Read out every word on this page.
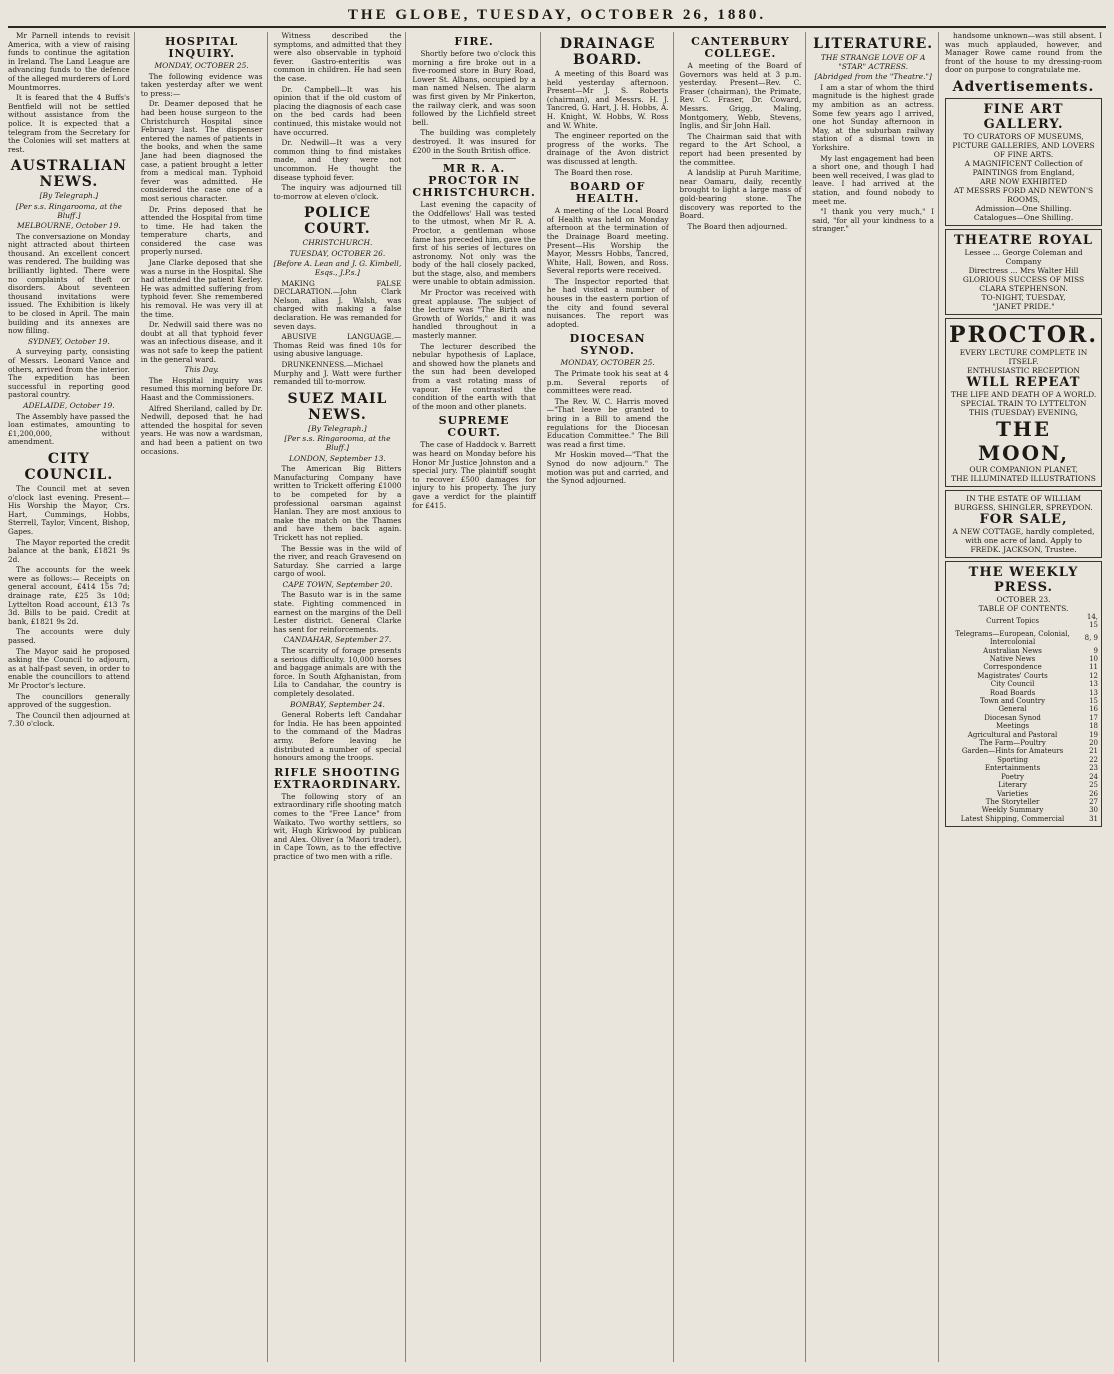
THE GLOBE, TUESDAY, OCTOBER 26, 1880.

Mr Parnell intends to revisit America, with a view of raising funds to continue the agitation in Ireland. The Land League are advancing funds to the defence of the alleged murderers of Lord Mountmorres.

It is feared that the 4 Buffs's Bentfield will not be settled without assistance from the police. It is expected that a telegram from the Secretary for the Colonies will set matters at rest.

AUSTRALIAN NEWS.
[By Telegraph.]
[Per s.s. Ringarooma, at the Bluff.]
MELBOURNE, October 19.

The conversazione on Monday night attracted about thirteen thousand. An excellent concert was rendered. The building was brilliantly lighted. There were no complaints of theft or disorders. About seventeen thousand invitations were issued. The Exhibition is likely to be closed in April. The main building and its annexes are now filling.

SYDNEY, October 19.

A surveying party, consisting of Messrs. Leonard Vance and others, arrived from the interior. The expedition has been successful in reporting good pastoral country.

ADELAIDE, October 19.

The Assembly have passed the loan estimates, amounting to £1,200,000, without amendment.

CITY COUNCIL.

The Council met at seven o'clock last evening. Present—His Worship the Mayor, Crs. Hart, Cummings, Hobbs, Sterrell, Taylor, Vincent, Bishop, Gapes.

The Mayor reported the credit balance at the bank, £1821 9s 2d.

The accounts for the week were as follows:— Receipts on general account, £414 15s 7d; drainage rate, £25 3s 10d; Lyttelton Road account, £13 7s 3d. Bills to be paid. Credit at bank, £1821 9s 2d.

The accounts were duly passed.

The Mayor said he proposed asking the Council to adjourn, as at half-past seven, in order to enable the councillors to attend Mr Proctor's lecture.

The councillors generally approved of the suggestion.

The Council then adjourned at 7.30 o'clock.

HOSPITAL INQUIRY.
MONDAY, OCTOBER 25.

The following evidence was taken yesterday after we went to press:—

Dr. Deamer deposed that he had been house surgeon to the Christchurch Hospital since February last. The dispenser entered the names of patients in the books, and when the same Jane had been diagnosed the case, a patient brought a letter from a medical man. Typhoid fever was admitted. He considered the case one of a most serious character.

Dr. Prins deposed that he attended the Hospital from time to time. He had taken the temperature charts, and considered the case was properly nursed.

Jane Clarke deposed that she was a nurse in the Hospital. She had attended the patient Kerley. He was admitted suffering from typhoid fever. She remembered his removal. He was very ill at the time.

Dr. Nedwill said there was no doubt at all that typhoid fever was an infectious disease, and it was not safe to keep the patient in the general ward.

This Day.

The Hospital inquiry was resumed this morning before Dr. Haast and the Commissioners.

Alfred Sheriland, called by Dr. Nedwill, deposed that he had attended the hospital for seven years. He was now a wardsman, and had been a patient on two occasions.

Witness described the symptoms, and admitted that they were also observable in typhoid fever. Gastro-enteritis was common in children. He had seen the case.

Dr. Campbell—It was his opinion that if the old custom of placing the diagnosis of each case on the bed cards had been continued, this mistake would not have occurred.

Dr. Nedwill—It was a very common thing to find mistakes made, and they were not uncommon. He thought the disease typhoid fever.

The inquiry was adjourned till to-morrow at eleven o'clock.

POLICE COURT.
CHRISTCHURCH.
TUESDAY, OCTOBER 26.
[Before A. Lean and J. G. Kimbell, Esqs., J.P.s.]

MAKING FALSE DECLARATION.—John Clark Nelson, alias J. Walsh, was charged with making a false declaration. He was remanded for seven days.

ABUSIVE LANGUAGE.—Thomas Reid was fined 10s for using abusive language.

DRUNKENNESS.—Michael Murphy and J. Watt were further remanded till to-morrow.

SUEZ MAIL NEWS.
[By Telegraph.]
[Per s.s. Ringarooma, at the Bluff.]
LONDON, September 13.

The American Big Bitters Manufacturing Company have written to Trickett offering £1000 to be competed for by a professional oarsman against Hanlan. They are most anxious to make the match on the Thames and have them back again. Trickett has not replied.

The Bessie was in the wild of the river, and reach Gravesend on Saturday. She carried a large cargo of wool.

CAPE TOWN, September 20.

The Basuto war is in the same state. Fighting commenced in earnest on the margins of the Dell Lester district. General Clarke has sent for reinforcements.

CANDAHAR, September 27.

The scarcity of forage presents a serious difficulty. 10,000 horses and baggage animals are with the force. In South Afghanistan, from Lila to Candahar, the country is completely desolated.

BOMBAY, September 24.

General Roberts left Candahar for India. He has been appointed to the command of the Madras army. Before leaving he distributed a number of special honours among the troops.

RIFLE SHOOTING EXTRAORDINARY.

The following story of an extraordinary rifle shooting match comes to the "Free Lance" from Waikato. Two worthy settlers, so wit, Hugh Kirkwood by publican and Alex. Oliver (a 'Maori trader), in Cape Town, as to the effective practice of two men with a rifle.

FIRE.

Shortly before two o'clock this morning a fire broke out in a five-roomed store in Bury Road, Lower St. Albans, occupied by a man named Nelsen. The alarm was first given by Mr Pinkerton, the railway clerk, and was soon followed by the Lichfield street bell.

The building was completely destroyed. It was insured for £200 in the South British office.

MR R. A. PROCTOR IN CHRISTCHURCH.

Last evening the capacity of the Oddfellows' Hall was tested to the utmost, when Mr R. A. Proctor, a gentleman whose fame has preceded him, gave the first of his series of lectures on astronomy. Not only was the body of the hall closely packed, but the stage, also, and members were unable to obtain admission.

Mr Proctor was received with great applause. The subject of the lecture was "The Birth and Growth of Worlds," and it was handled throughout in a masterly manner.

The lecturer described the nebular hypothesis of Laplace, and showed how the planets and the sun had been developed from a vast rotating mass of vapour. He contrasted the condition of the earth with that of the moon and other planets.

SUPREME COURT.

The case of Haddock v. Barrett was heard on Monday before his Honor Mr Justice Johnston and a special jury. The plaintiff sought to recover £500 damages for injury to his property. The jury gave a verdict for the plaintiff for £415.

DRAINAGE BOARD.

A meeting of this Board was held yesterday afternoon. Present—Mr J. S. Roberts (chairman), and Messrs. H. J. Tancred, G. Hart, J. H. Hobbs, A. H. Knight, W. Hobbs, W. Ross and W. White.

The engineer reported on the progress of the works. The drainage of the Avon district was discussed at length.

The Board then rose.

BOARD OF HEALTH.

A meeting of the Local Board of Health was held on Monday afternoon at the termination of the Drainage Board meeting. Present—His Worship the Mayor, Messrs Hobbs, Tancred, White, Hall, Bowen, and Ross. Several reports were received.

The Inspector reported that he had visited a number of houses in the eastern portion of the city and found several nuisances. The report was adopted.

DIOCESAN SYNOD.
MONDAY, OCTOBER 25.

The Primate took his seat at 4 p.m. Several reports of committees were read.

The Rev. W. C. Harris moved—"That leave be granted to bring in a Bill to amend the regulations for the Diocesan Education Committee." The Bill was read a first time.

Mr Hoskin moved—"That the Synod do now adjourn." The motion was put and carried, and the Synod adjourned.

CANTERBURY COLLEGE.

A meeting of the Board of Governors was held at 3 p.m. yesterday. Present—Rev. C. Fraser (chairman), the Primate, Rev. C. Fraser, Dr. Coward, Messrs. Grigg, Maling, Montgomery, Webb, Stevens, Inglis, and Sir John Hall.

The Chairman said that with regard to the Art School, a report had been presented by the committee.

A landslip at Puruh Maritime, near Oamaru, daily, recently brought to light a large mass of gold-bearing stone. The discovery was reported to the Board.

The Board then adjourned.

LITERATURE.
THE STRANGE LOVE OF A "STAR" ACTRESS.
[Abridged from the "Theatre."]

I am a star of whom the third magnitude is the highest grade my ambition as an actress. Some few years ago I arrived, one hot Sunday afternoon in May, at the suburban railway station of a dismal town in Yorkshire.

My last engagement had been a short one, and though I had been well received, I was glad to leave. I had arrived at the station, and found nobody to meet me.

"I thank you very much," I said, "for all your kindness to a stranger."

handsome unknown—was still absent. I was much applauded, however, and Manager Rowe came round from the front of the house to my dressing-room door on purpose to congratulate me.

Advertisements.
FINE ART GALLERY.
TO CURATORS OF MUSEUMS, PICTURE GALLERIES, AND LOVERS OF FINE ARTS.
A MAGNIFICENT Collection of PAINTINGS from England,
ARE NOW EXHIBITED
AT MESSRS FORD AND NEWTON'S ROOMS,
Admission—One Shilling.
Catalogues—One Shilling.
THEATRE ROYAL
Lessee ... George Coleman and Company
Directress ... Mrs Walter Hill
GLORIOUS SUCCESS OF MISS CLARA STEPHENSON.
TO-NIGHT, TUESDAY,
"JANET PRIDE."
PROCTOR.
EVERY LECTURE COMPLETE IN ITSELF.
ENTHUSIASTIC RECEPTION
WILL REPEAT
THE LIFE AND DEATH OF A WORLD.
SPECIAL TRAIN TO LYTTELTON
THIS (TUESDAY) EVENING,
THE MOON,
OUR COMPANION PLANET,
THE ILLUMINATED ILLUSTRATIONS
IN THE ESTATE OF WILLIAM BURGESS, SHINGLER, SPREYDON.
FOR SALE,
A NEW COTTAGE, hardly completed, with one acre of land. Apply to FREDK. JACKSON, Trustee.
THE WEEKLY PRESS.
OCTOBER 23.
TABLE OF CONTENTS.
Current Topics	14, 15
Telegrams—European, Colonial, Intercolonial	8, 9
Australian News	9
Native News	10
Correspondence	11
Magistrates' Courts	12
City Council	13
Road Boards	13
Town and Country	15
General	16
Diocesan Synod	17
Meetings	18
Agricultural and Pastoral	19
The Farm—Poultry	20
Garden—Hints for Amateurs	21
Sporting	22
Entertainments	23
Poetry	24
Literary	25
Varieties	26
The Storyteller	27
Weekly Summary	30
Latest Shipping, Commercial	31
